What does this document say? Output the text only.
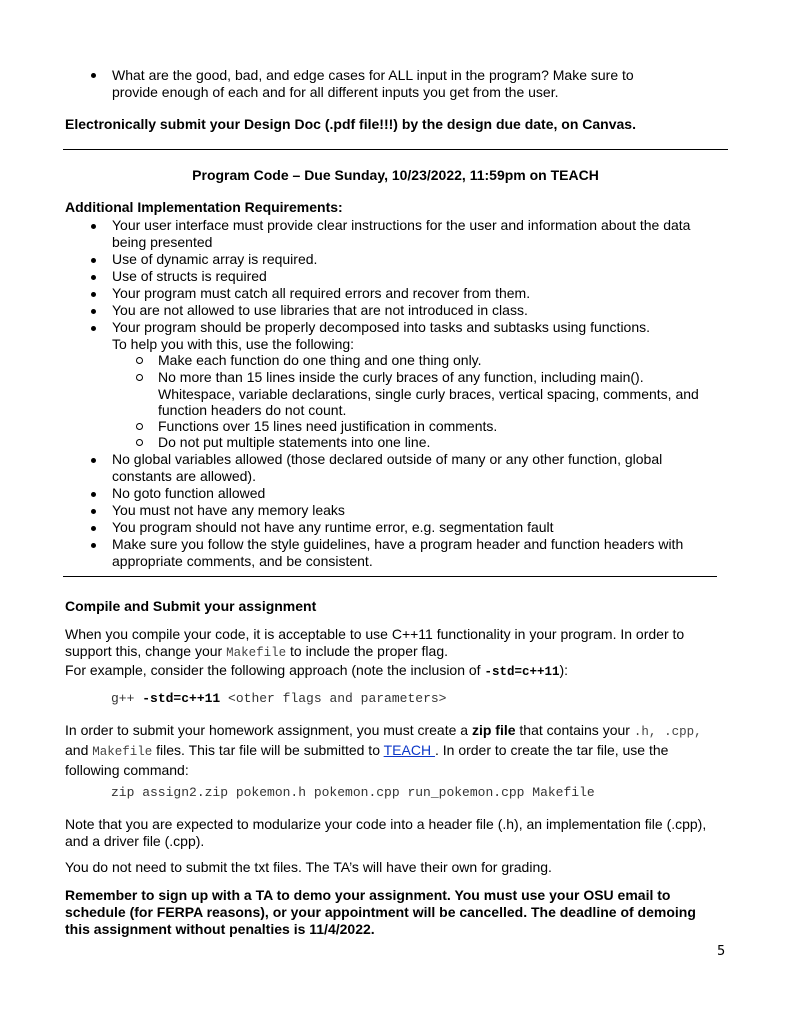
What are the good, bad, and edge cases for ALL input in the program? Make sure to
provide enough of each and for all different inputs you get from the user.
Electronically submit your Design Doc (.pdf file!!!) by the design due date, on Canvas.
Program Code – Due Sunday, 10/23/2022, 11:59pm on TEACH
Additional Implementation Requirements:
Your user interface must provide clear instructions for the user and information about the data
being presented
Use of dynamic array is required.
Use of structs is required
Your program must catch all required errors and recover from them.
You are not allowed to use libraries that are not introduced in class.
Your program should be properly decomposed into tasks and subtasks using functions.
To help you with this, use the following:
Make each function do one thing and one thing only.
No more than 15 lines inside the curly braces of any function, including main().
Whitespace, variable declarations, single curly braces, vertical spacing, comments, and
function headers do not count.
Functions over 15 lines need justification in comments.
Do not put multiple statements into one line.
No global variables allowed (those declared outside of many or any other function, global
constants are allowed).
No goto function allowed
You must not have any memory leaks
You program should not have any runtime error, e.g. segmentation fault
Make sure you follow the style guidelines, have a program header and function headers with
appropriate comments, and be consistent.
Compile and Submit your assignment
When you compile your code, it is acceptable to use C++11 functionality in your program. In order to
support this, change your Makefile to include the proper flag.
For example, consider the following approach (note the inclusion of -std=c++11):
g++ -std=c++11 <other flags and parameters>
In order to submit your homework assignment, you must create a zip file that contains your .h, .cpp,
and Makefile files. This tar file will be submitted to TEACH . In order to create the tar file, use the
following command:
zip assign2.zip pokemon.h pokemon.cpp run_pokemon.cpp Makefile
Note that you are expected to modularize your code into a header file (.h), an implementation file (.cpp),
and a driver file (.cpp).
You do not need to submit the txt files. The TA’s will have their own for grading.
Remember to sign up with a TA to demo your assignment. You must use your OSU email to
schedule (for FERPA reasons), or your appointment will be cancelled. The deadline of demoing
this assignment without penalties is 11/4/2022.
5
